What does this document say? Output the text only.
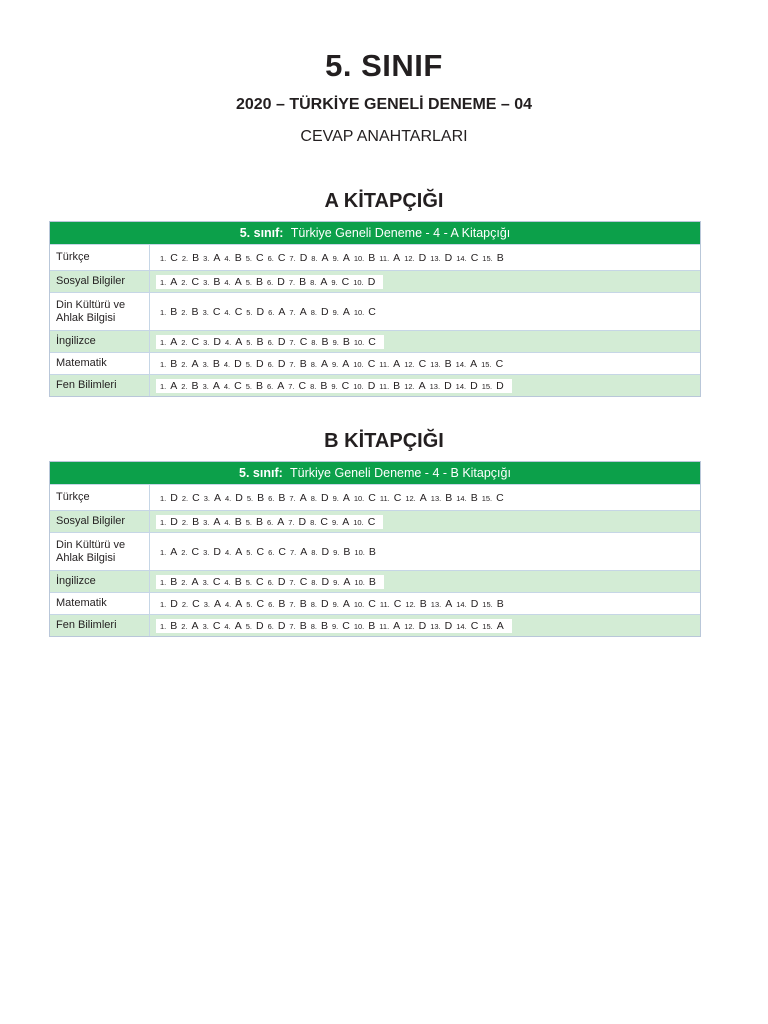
5. SINIF
2020 – TÜRKİYE GENELİ DENEME – 04
CEVAP ANAHTARLARI
A KİTAPÇIĞI
5. sınıf: Türkiye Geneli Deneme - 4 - A Kitapçığı
Türkçe	1. C 2. B 3. A 4. B 5. C 6. C 7. D 8. A 9. A 10. B 11. A 12. D 13. D 14. C 15. B
Sosyal Bilgiler	1. A 2. C 3. B 4. A 5. B 6. D 7. B 8. A 9. C 10. D
Din Kültürü ve Ahlak Bilgisi	1. B 2. B 3. C 4. C 5. D 6. A 7. A 8. D 9. A 10. C
İngilizce	1. A 2. C 3. D 4. A 5. B 6. D 7. C 8. B 9. B 10. C
Matematik	1. B 2. A 3. B 4. D 5. D 6. D 7. B 8. A 9. A 10. C 11. A 12. C 13. B 14. A 15. C
Fen Bilimleri	1. A 2. B 3. A 4. C 5. B 6. A 7. C 8. B 9. C 10. D 11. B 12. A 13. D 14. D 15. D
B KİTAPÇIĞI
5. sınıf: Türkiye Geneli Deneme - 4 - B Kitapçığı
Türkçe	1. D 2. C 3. A 4. D 5. B 6. B 7. A 8. D 9. A 10. C 11. C 12. A 13. B 14. B 15. C
Sosyal Bilgiler	1. D 2. B 3. A 4. B 5. B 6. A 7. D 8. C 9. A 10. C
Din Kültürü ve Ahlak Bilgisi	1. A 2. C 3. D 4. A 5. C 6. C 7. A 8. D 9. B 10. B
İngilizce	1. B 2. A 3. C 4. B 5. C 6. D 7. C 8. D 9. A 10. B
Matematik	1. D 2. C 3. A 4. A 5. C 6. B 7. B 8. D 9. A 10. C 11. C 12. B 13. A 14. D 15. B
Fen Bilimleri	1. B 2. A 3. C 4. A 5. D 6. D 7. B 8. B 9. C 10. B 11. A 12. D 13. D 14. C 15. A
